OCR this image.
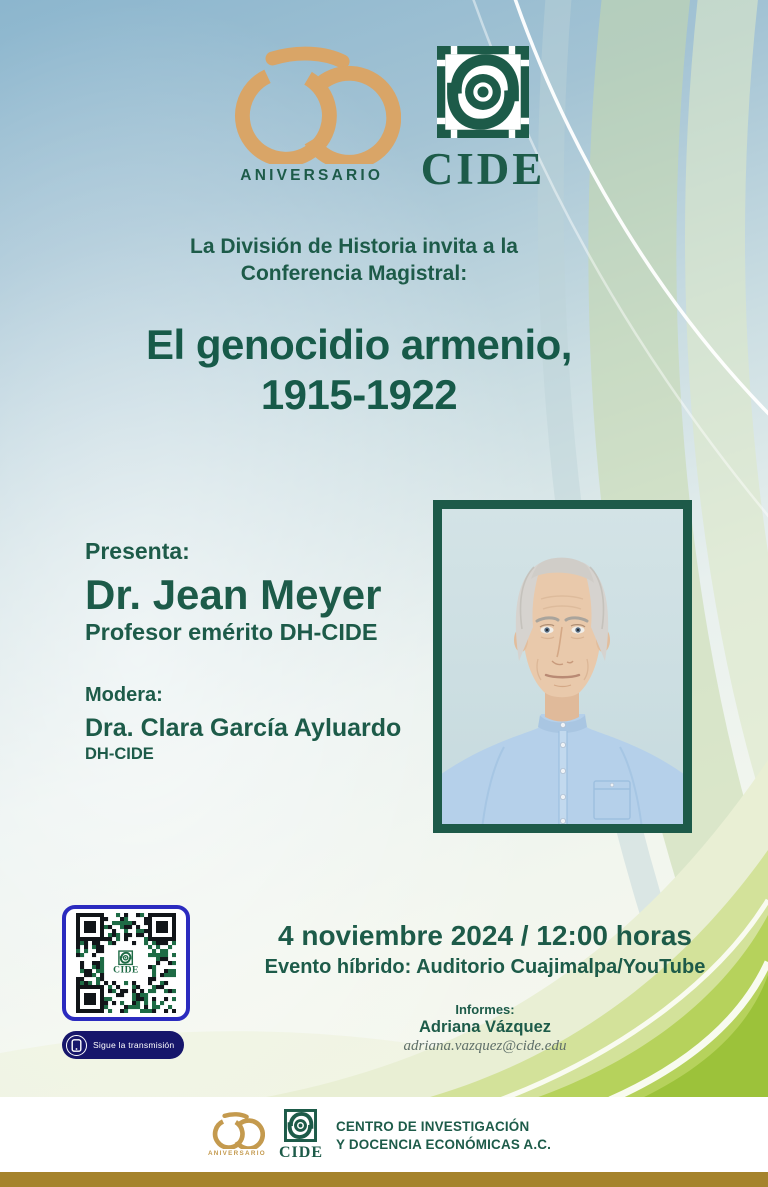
ANIVERSARIO CIDE
La División de Historia invita a la
Conferencia Magistral:
El genocidio armenio,
1915-1922
Presenta:
Dr. Jean Meyer
Profesor emérito DH-CIDE
Modera:
Dra. Clara García Ayluardo
DH-CIDE
CIDE
Sigue la transmisión
4 noviembre 2024 / 12:00 horas
Evento híbrido: Auditorio Cuajimalpa/YouTube
Informes:
Adriana Vázquez
adriana.vazquez@cide.edu
ANIVERSARIO CIDE
CENTRO DE INVESTIGACIÓN
Y DOCENCIA ECONÓMICAS A.C.
